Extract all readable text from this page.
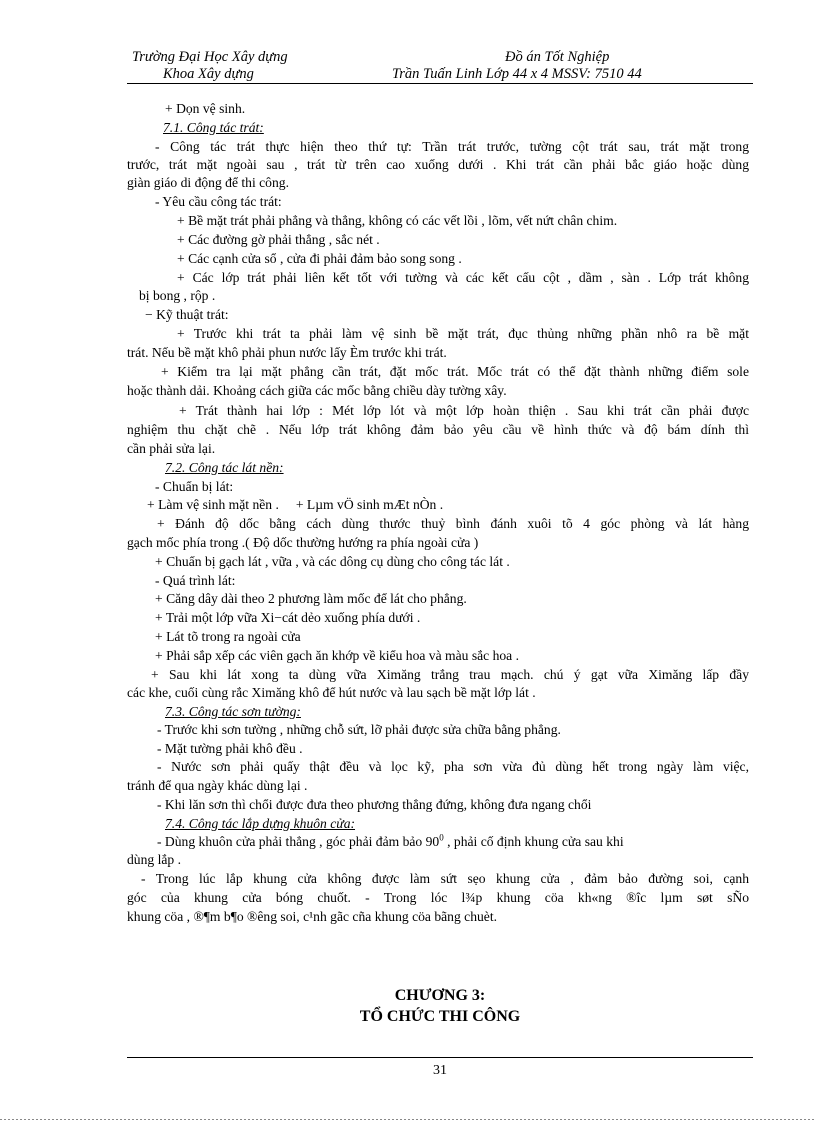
Trường Đại Học Xây dựng	Đồ án Tốt Nghiệp
Khoa Xây dựng	Trần Tuấn Linh Lớp 44 x 4 MSSV: 7510 44
+ Dọn vệ sinh.
7.1. Công tác trát:
- Công tác trát thực hiện theo thứ tự: Trần trát trước, tường cột trát sau, trát mặt trong
trước, trát mặt ngoài sau , trát từ trên cao xuống dưới . Khi trát cần phải bắc giáo hoặc dùng
giàn giáo di động để thi công.
- Yêu cầu công tác trát:
+ Bề mặt trát phải phẳng và thẳng, không có các vết lồi , lõm, vết nứt chân chim.
+ Các đường gờ phải thẳng , sắc nét .
+ Các cạnh cửa sổ , cửa đi phải đảm bảo song song .
+ Các lớp trát phải liên kết tốt với tường và các kết cấu cột , dầm , sàn . Lớp trát không
bị bong , rộp .
− Kỹ thuật trát:
+ Trước khi trát ta phải làm vệ sinh bề mặt trát, đục thủng những phần nhô ra bề mặt
trát. Nếu bề mặt khô phải phun nước lấy Èm trước khi trát.
+ Kiểm tra lại mặt phẳng cần trát, đặt mốc trát. Mốc trát có thể đặt thành những điểm sole
hoặc thành dải. Khoảng cách giữa các mốc bằng chiều dày tường xây.
+ Trát thành hai lớp : Mét lớp lót và một lớp hoàn thiện . Sau khi trát cần phải được
nghiệm thu chặt chẽ . Nếu lớp trát không đảm bảo yêu cầu về hình thức và độ bám dính thì
cần phải sửa lại.
7.2. Công tác lát nền:
- Chuẩn bị lát:
+ Làm vệ sinh mặt nền .     + Lµm vÖ sinh mÆt nÒn .
+ Đánh độ dốc bằng cách dùng thước thuỷ bình đánh xuôi tõ 4 góc phòng và lát hàng
gạch mốc phía trong .( Độ dốc thường hướng ra phía ngoài cửa )
+ Chuẩn bị gạch lát , vữa , và các dông cụ dùng cho công tác lát .
- Quá trình lát:
+ Căng dây dài theo 2 phương làm mốc để lát cho phẳng.
+ Trải một lớp vữa Xi−cát dẻo xuống phía dưới .
+ Lát tõ trong ra ngoài cửa
+ Phải sắp xếp các viên gạch ăn khớp về kiểu hoa và màu sắc hoa .
+ Sau khi lát xong ta dùng vữa Ximăng trắng trau mạch. chú ý gạt vữa Ximăng lấp đầy
các khe, cuối cùng rắc Ximăng khô để hút nước và lau sạch bề mặt lớp lát .
7.3. Công tác sơn tường:
- Trước khi sơn tường , những chỗ sứt, lỡ phải được sửa chữa bằng phẳng.
- Mặt tường phải khô đều .
- Nước sơn phải quấy thật đều và lọc kỹ, pha sơn vừa đủ dùng hết trong ngày làm việc,
tránh để qua ngày khác dùng lại .
- Khi lăn sơn thì chổi được đưa theo phương thẳng đứng, không đưa ngang chổi
7.4. Công tác lắp dựng khuôn cửa:
- Dùng khuôn cửa phải thẳng , góc phải đảm bảo $90^0$ , phải cố định khung cửa sau khi
dùng lắp .
- Trong lúc lắp khung cửa không được làm sứt sẹo khung cửa , đảm bảo đường soi, cạnh
góc của khung cửa bóng chuốt. - Trong lóc l¾p khung cöa kh«ng ®îc lµm søt sÑo
khung cöa , ®¶m b¶o ®êng soi, c¹nh gãc cña khung cöa bãng chuèt.
CHƯƠNG 3:
TỔ CHỨC THI CÔNG
31
